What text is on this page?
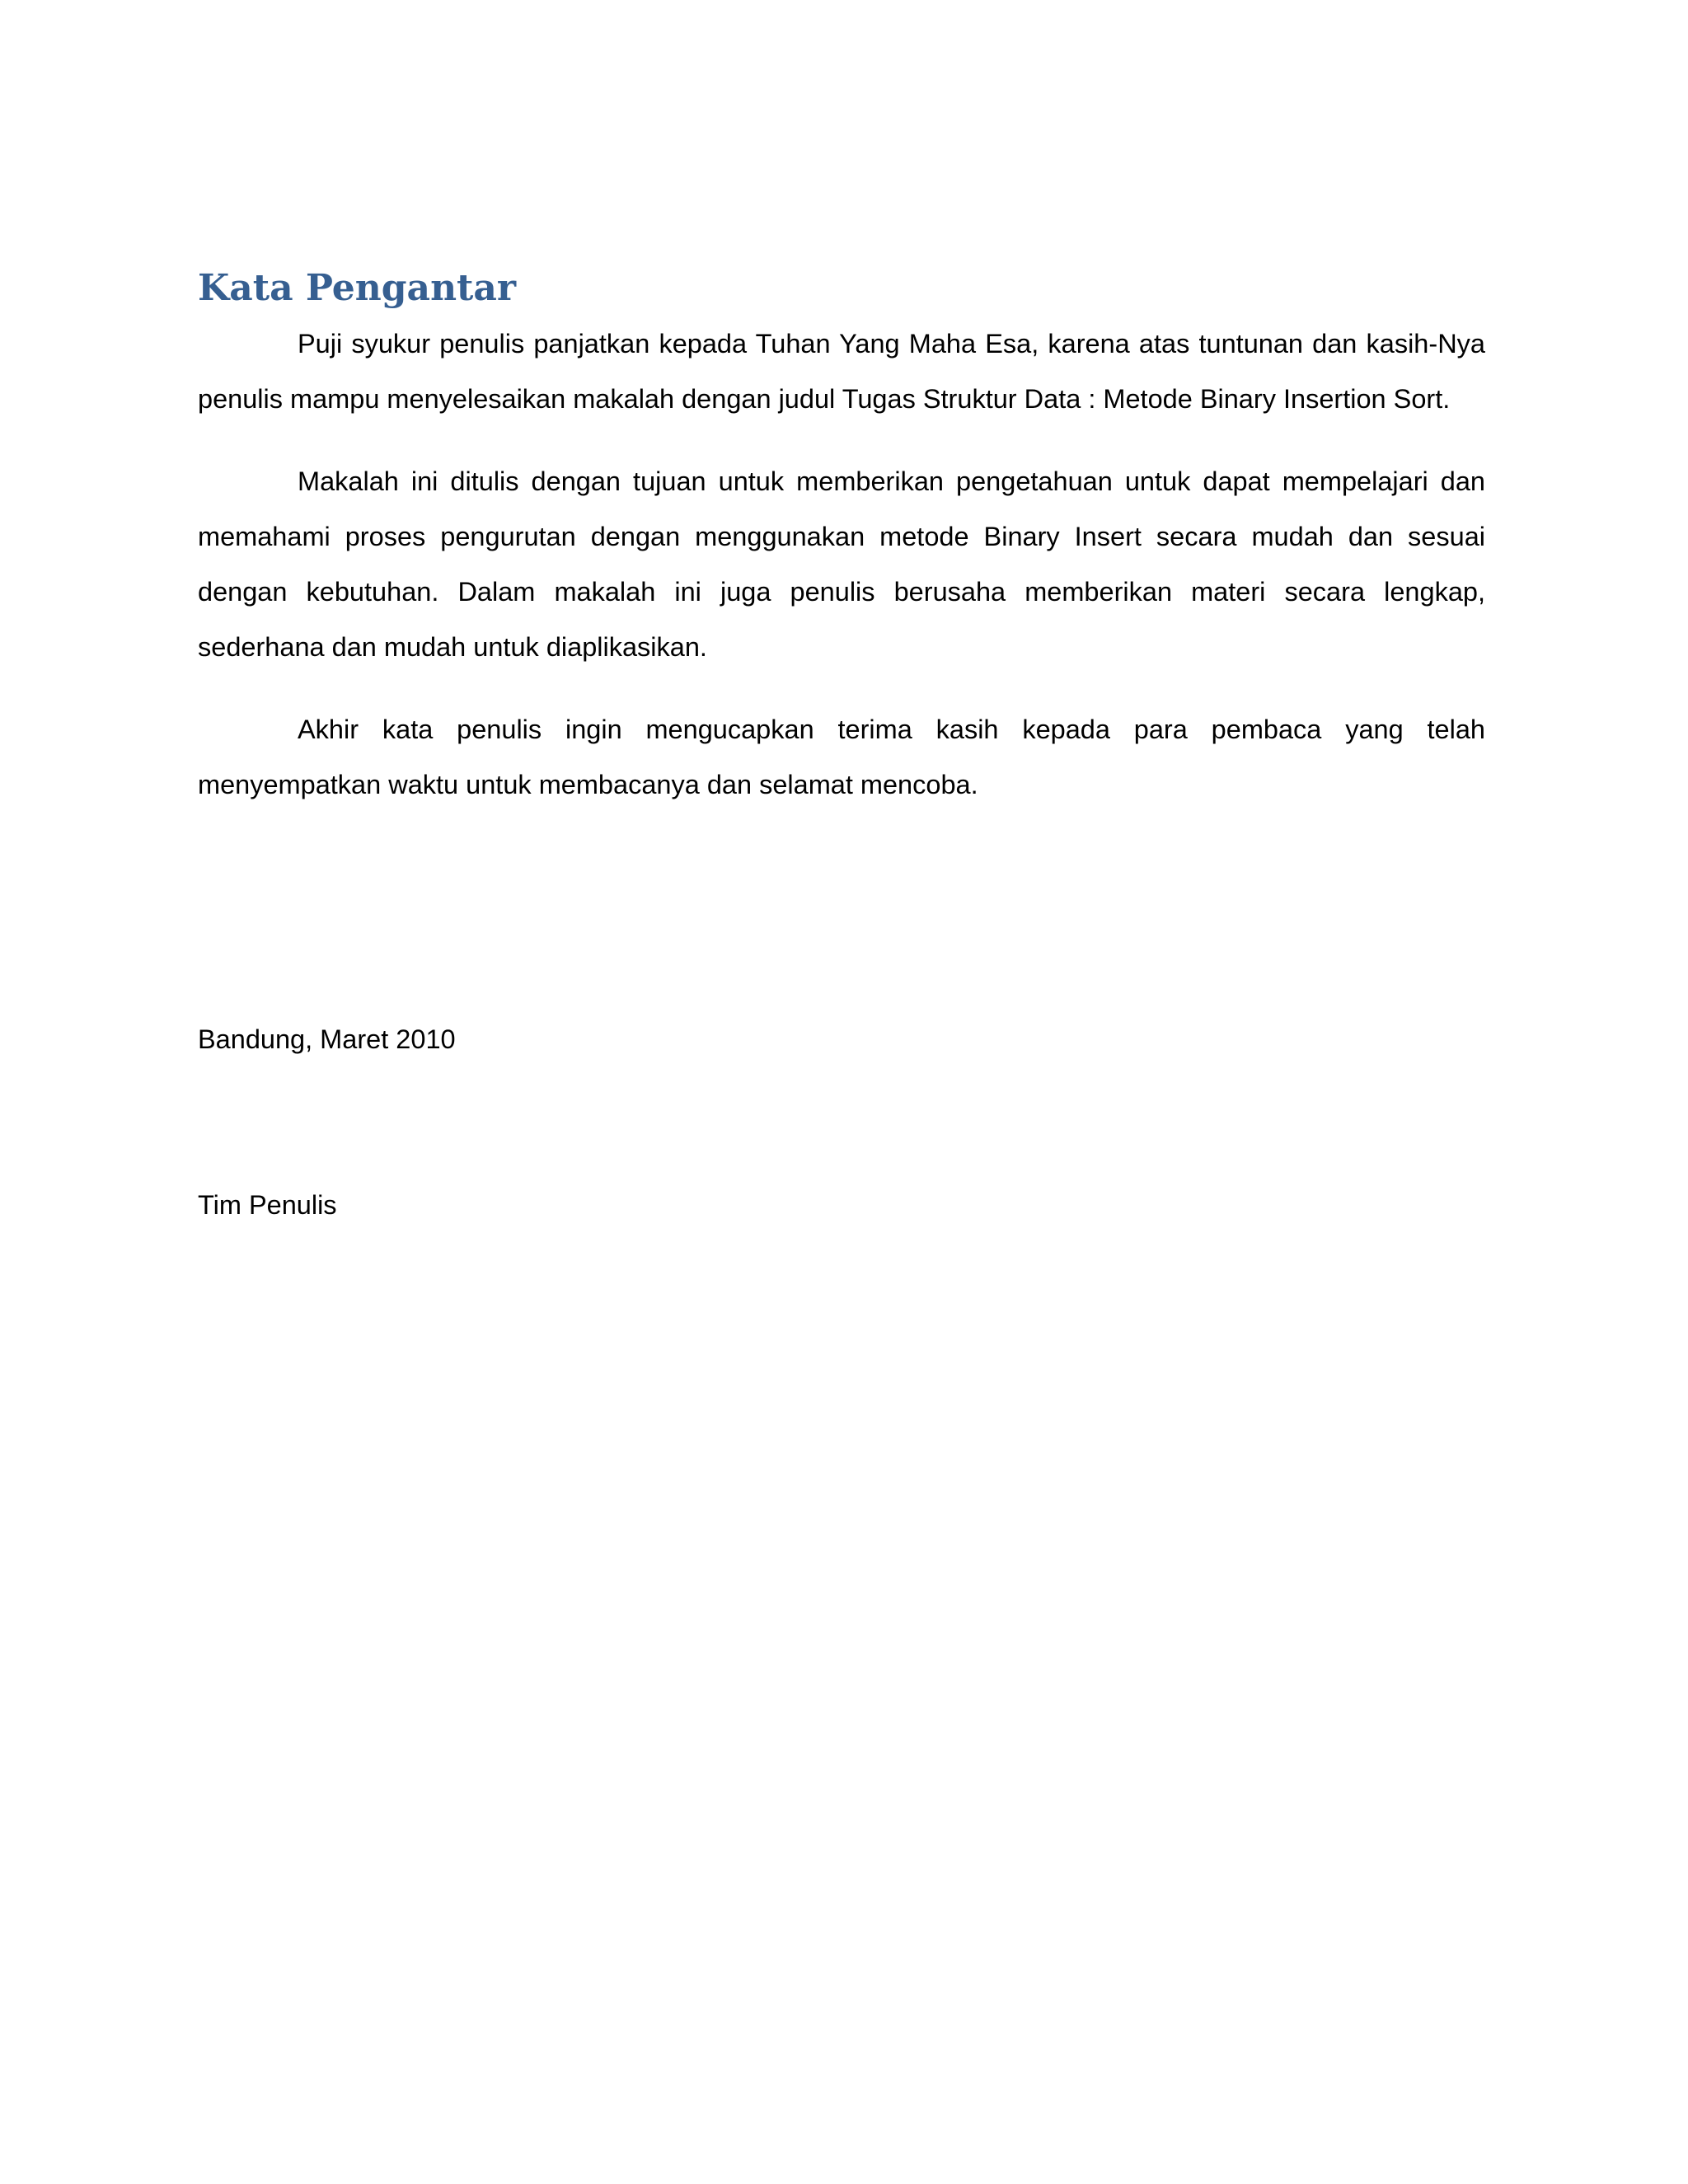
Kata Pengantar

Puji syukur penulis panjatkan kepada Tuhan Yang Maha Esa, karena atas tuntunan dan kasih-Nya penulis mampu menyelesaikan makalah dengan judul Tugas Struktur Data : Metode Binary Insertion Sort.

Makalah ini ditulis dengan tujuan untuk memberikan pengetahuan untuk dapat mempelajari dan memahami proses pengurutan dengan menggunakan metode Binary Insert secara mudah dan sesuai dengan kebutuhan. Dalam makalah ini juga penulis berusaha memberikan materi secara lengkap, sederhana dan mudah untuk diaplikasikan.

Akhir kata penulis ingin mengucapkan terima kasih kepada para pembaca yang telah menyempatkan waktu untuk membacanya dan selamat mencoba.

Bandung, Maret 2010

Tim Penulis
